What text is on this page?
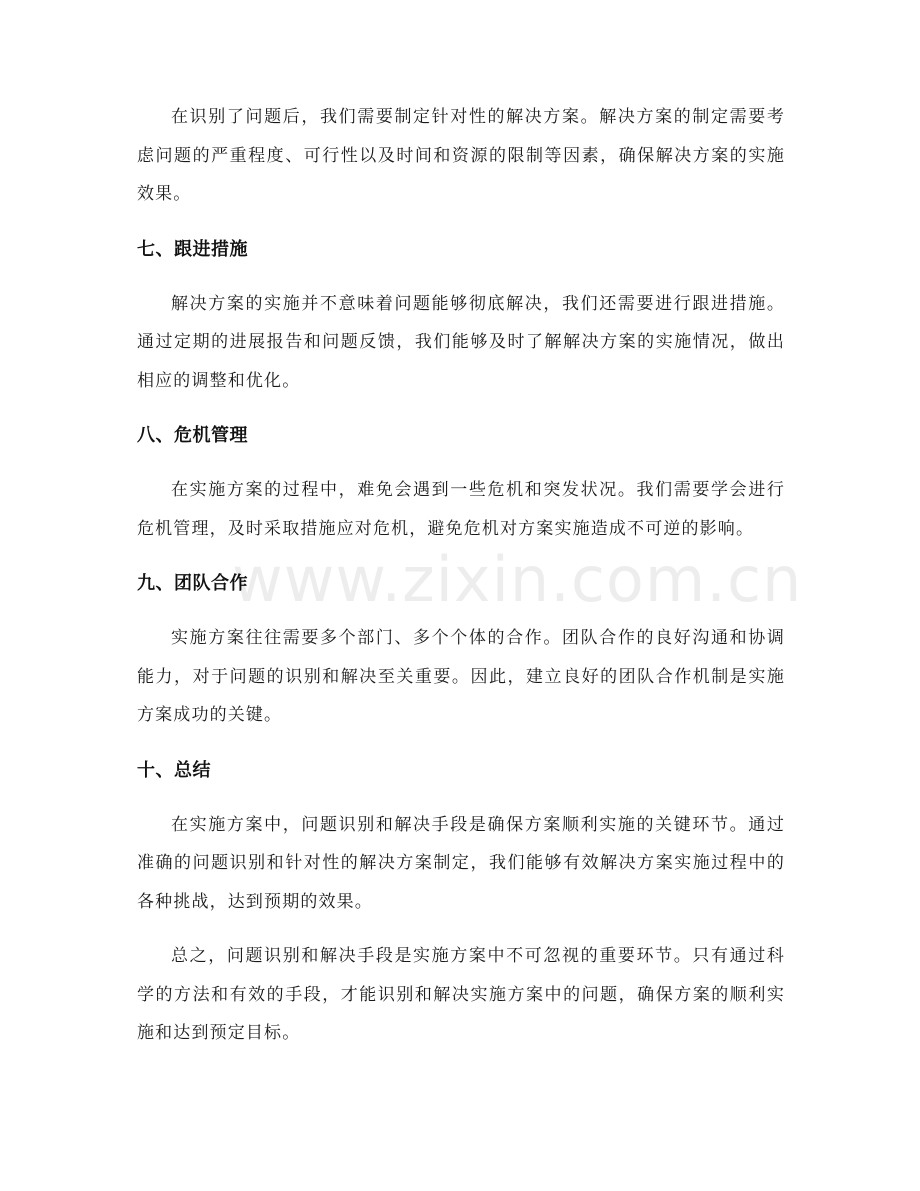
在识别了问题后，我们需要制定针对性的解决方案。解决方案的制定需要考虑问题的严重程度、可行性以及时间和资源的限制等因素，确保解决方案的实施效果。

七、跟进措施

解决方案的实施并不意味着问题能够彻底解决，我们还需要进行跟进措施。通过定期的进展报告和问题反馈，我们能够及时了解解决方案的实施情况，做出相应的调整和优化。

八、危机管理

在实施方案的过程中，难免会遇到一些危机和突发状况。我们需要学会进行危机管理，及时采取措施应对危机，避免危机对方案实施造成不可逆的影响。

九、团队合作

实施方案往往需要多个部门、多个个体的合作。团队合作的良好沟通和协调能力，对于问题的识别和解决至关重要。因此，建立良好的团队合作机制是实施方案成功的关键。

十、总结

在实施方案中，问题识别和解决手段是确保方案顺利实施的关键环节。通过准确的问题识别和针对性的解决方案制定，我们能够有效解决方案实施过程中的各种挑战，达到预期的效果。

总之，问题识别和解决手段是实施方案中不可忽视的重要环节。只有通过科学的方法和有效的手段，才能识别和解决实施方案中的问题，确保方案的顺利实施和达到预定目标。

www.zixin.com.cn
